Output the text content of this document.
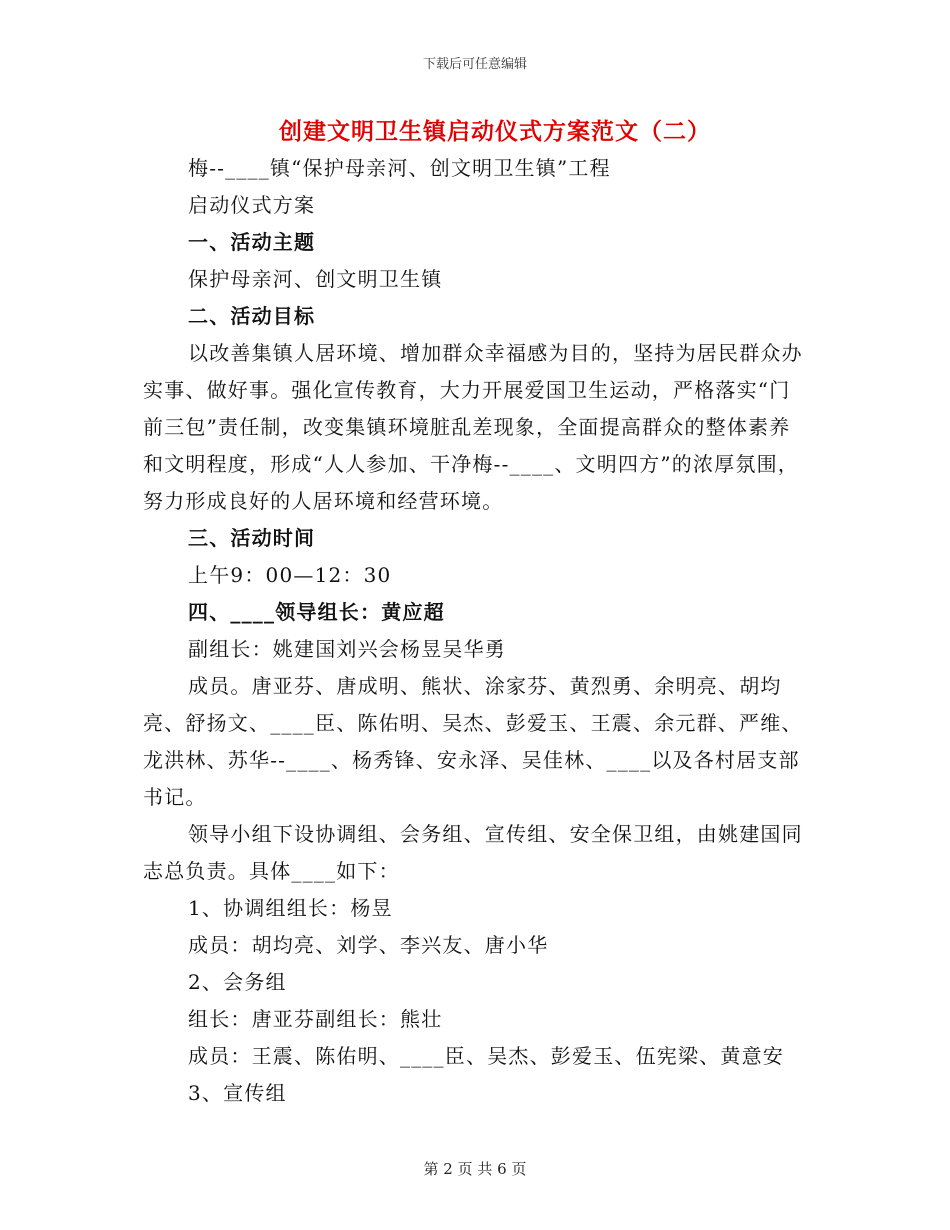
下载后可任意编辑
创建文明卫生镇启动仪式方案范文（二）

梅--____镇“保护母亲河、创文明卫生镇”工程

启动仪式方案

一、活动主题

保护母亲河、创文明卫生镇

二、活动目标

以改善集镇人居环境、增加群众幸福感为目的，坚持为居民群众办实事、做好事。强化宣传教育，大力开展爱国卫生运动，严格落实“门前三包”责任制，改变集镇环境脏乱差现象，全面提高群众的整体素养和文明程度，形成“人人参加、干净梅--____、文明四方”的浓厚氛围，努力形成良好的人居环境和经营环境。

三、活动时间

上午9：00—12：30

四、____领导组长：黄应超

副组长：姚建国刘兴会杨昱吴华勇

成员。唐亚芬、唐成明、熊状、涂家芬、黄烈勇、余明亮、胡均亮、舒扬文、____臣、陈佑明、吴杰、彭爱玉、王震、余元群、严维、龙洪林、苏华--____、杨秀锋、安永泽、吴佳林、____以及各村居支部书记。

领导小组下设协调组、会务组、宣传组、安全保卫组，由姚建国同志总负责。具体____如下：

1、协调组组长：杨昱

成员：胡均亮、刘学、李兴友、唐小华

2、会务组

组长：唐亚芬副组长：熊壮

成员：王震、陈佑明、____臣、吴杰、彭爱玉、伍宪梁、黄意安

3、宣传组

第 2 页 共 6 页
